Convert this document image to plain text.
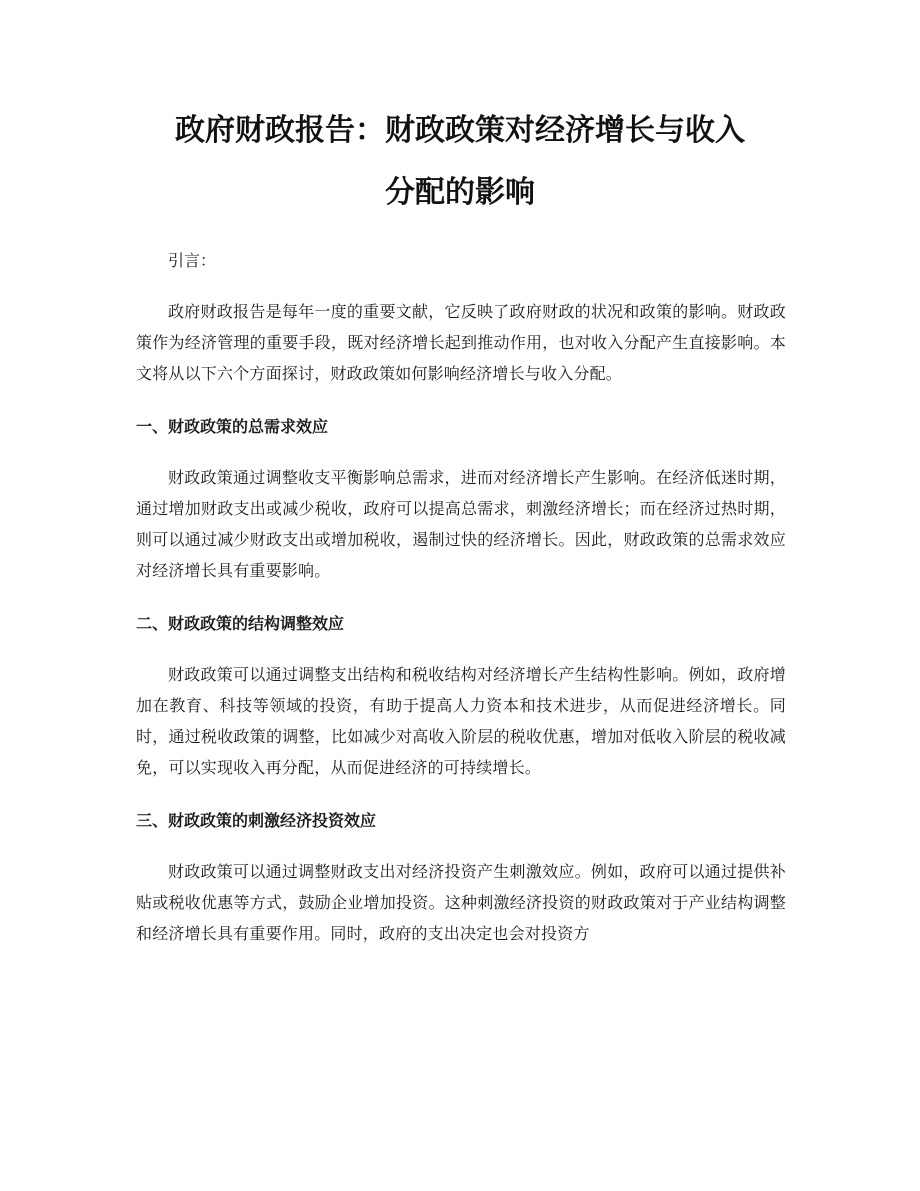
政府财政报告：财政政策对经济增长与收入
分配的影响

引言：

政府财政报告是每年一度的重要文献，它反映了政府财政的状况和政策的影响。财政政策作为经济管理的重要手段，既对经济增长起到推动作用，也对收入分配产生直接影响。本文将从以下六个方面探讨，财政政策如何影响经济增长与收入分配。

一、财政政策的总需求效应

财政政策通过调整收支平衡影响总需求，进而对经济增长产生影响。在经济低迷时期，通过增加财政支出或减少税收，政府可以提高总需求，刺激经济增长；而在经济过热时期，则可以通过减少财政支出或增加税收，遏制过快的经济增长。因此，财政政策的总需求效应对经济增长具有重要影响。

二、财政政策的结构调整效应

财政政策可以通过调整支出结构和税收结构对经济增长产生结构性影响。例如，政府增加在教育、科技等领域的投资，有助于提高人力资本和技术进步，从而促进经济增长。同时，通过税收政策的调整，比如减少对高收入阶层的税收优惠，增加对低收入阶层的税收减免，可以实现收入再分配，从而促进经济的可持续增长。

三、财政政策的刺激经济投资效应

财政政策可以通过调整财政支出对经济投资产生刺激效应。例如，政府可以通过提供补贴或税收优惠等方式，鼓励企业增加投资。这种刺激经济投资的财政政策对于产业结构调整和经济增长具有重要作用。同时，政府的支出决定也会对投资方
